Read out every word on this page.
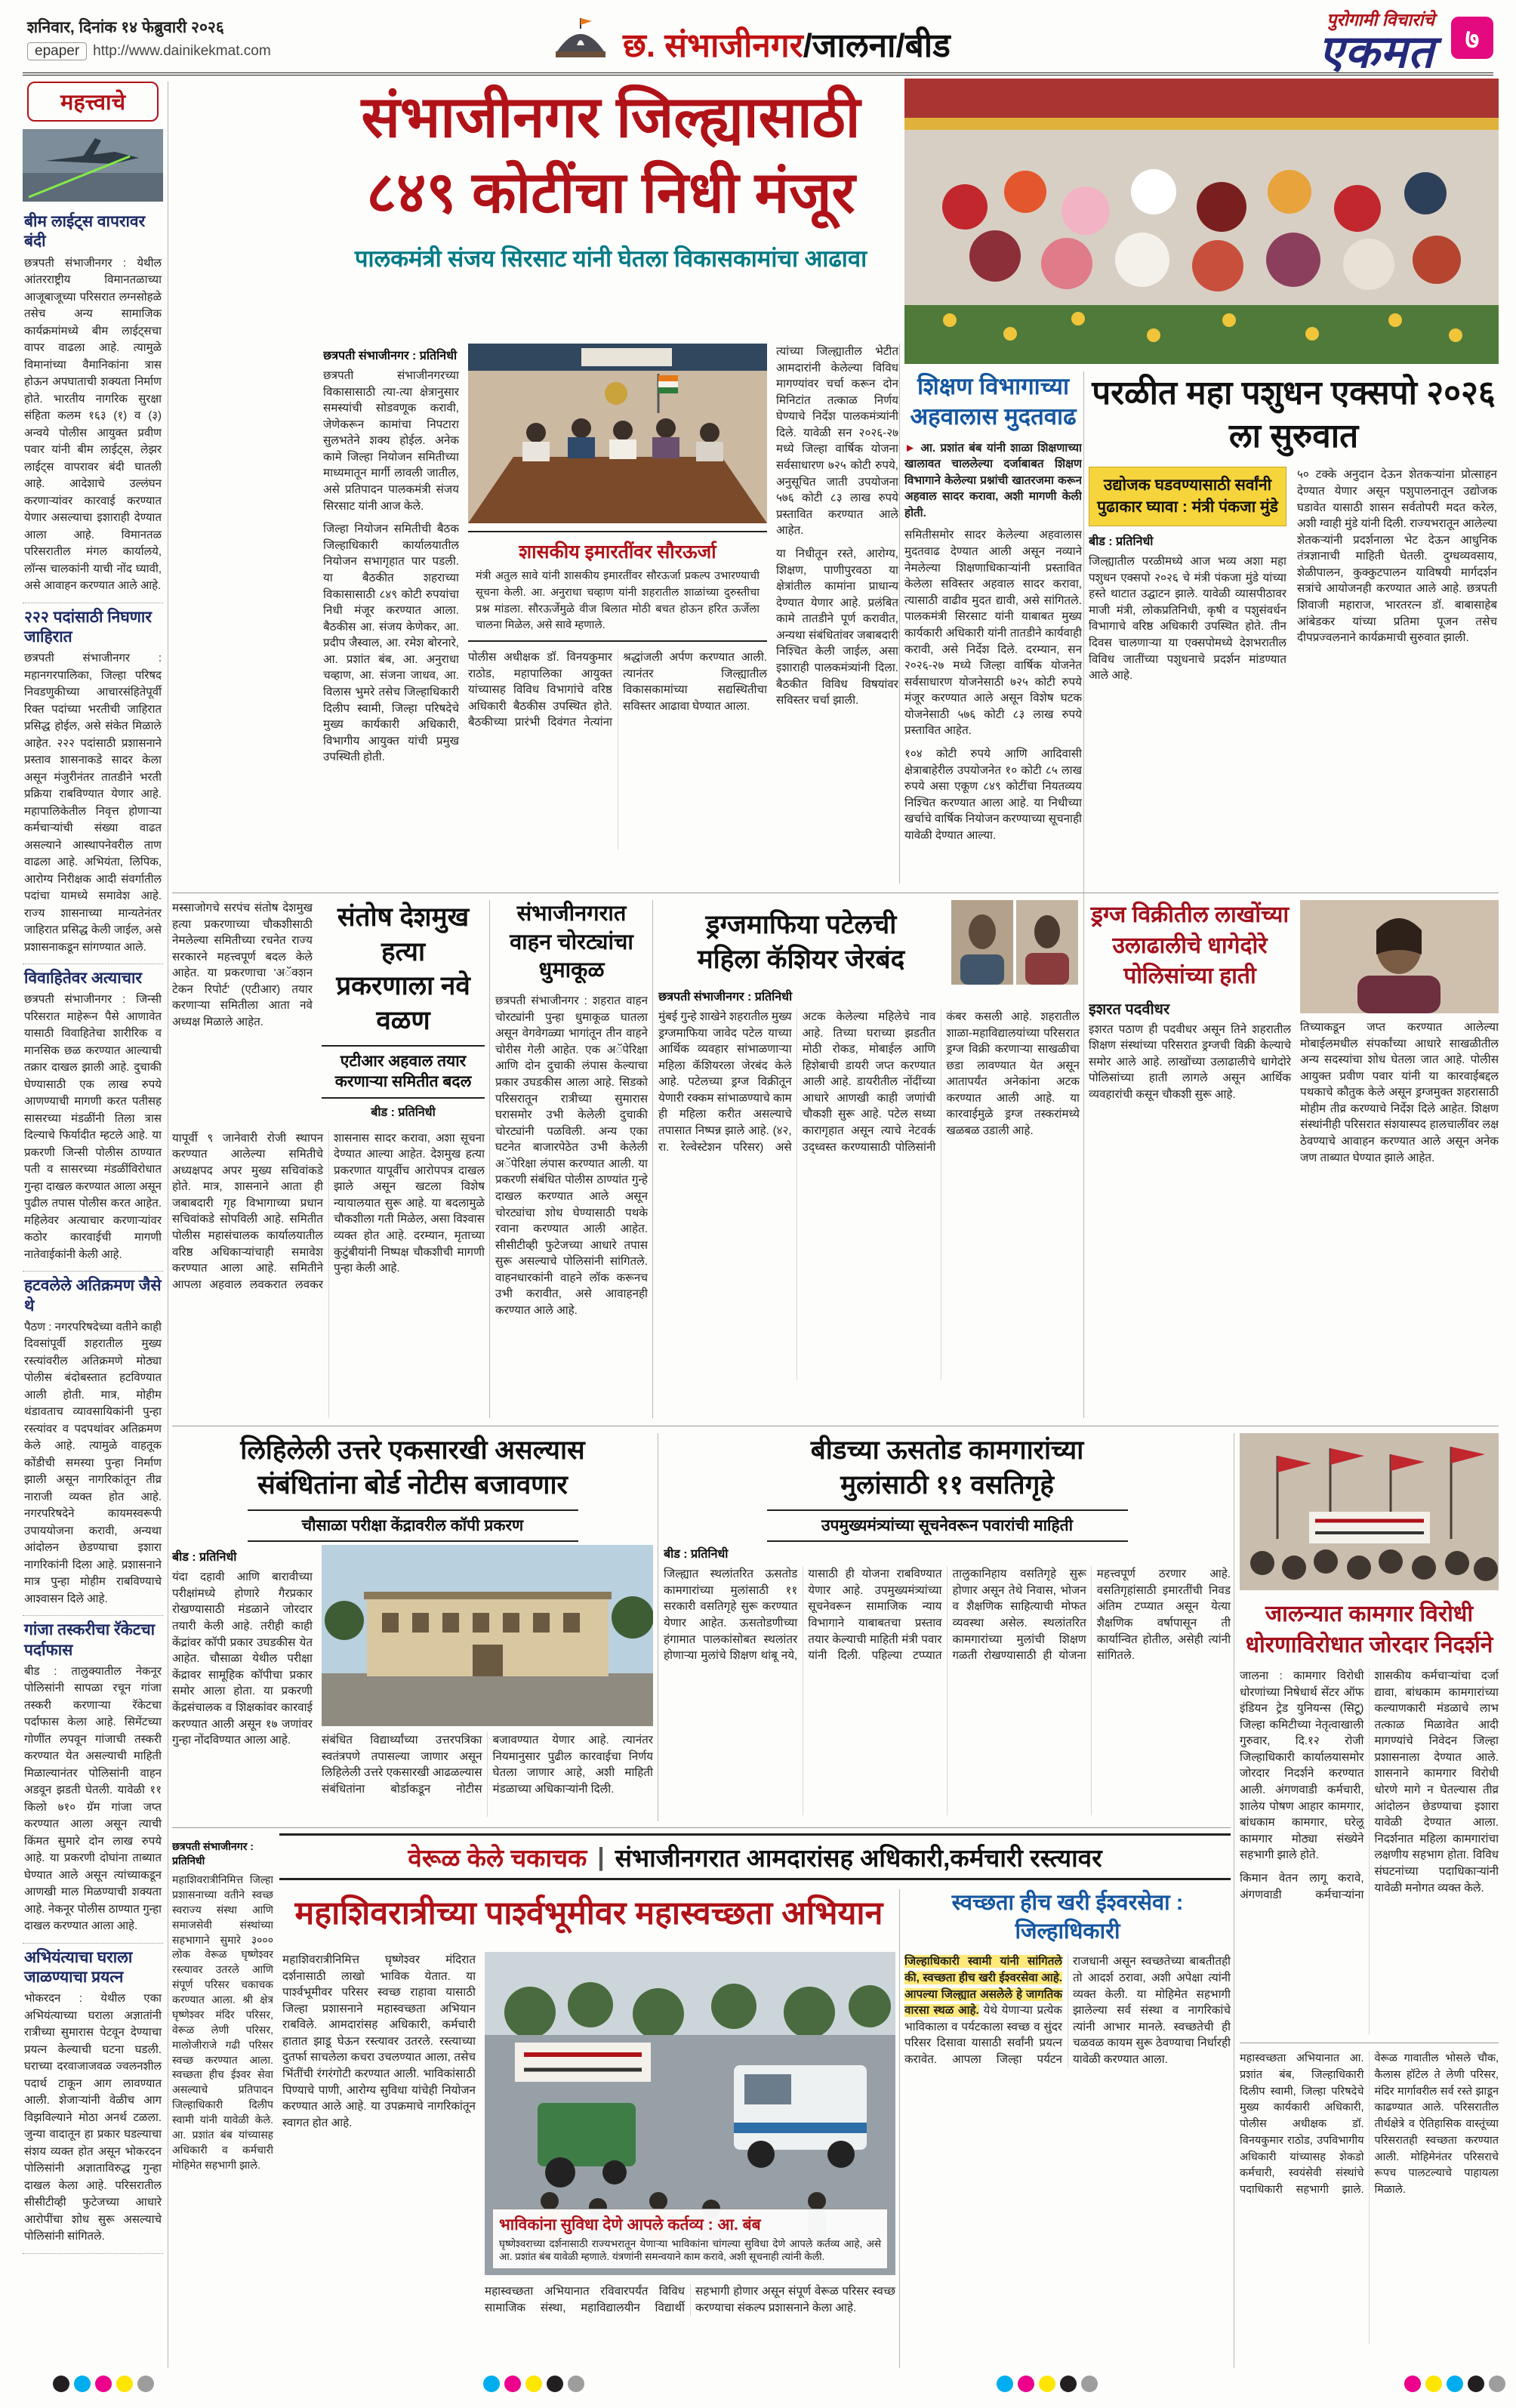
शनिवार, दिनांक १४ फेब्रुवारी २०२६
epaper http://www.dainikekmat.com	छ. संभाजीनगर/जालना/बीड
पुरोगामी विचारांचे
एकमत	७
महत्त्वाचे
बीम लाईट्स वापरावर बंदी
छत्रपती संभाजीनगर : येथील आंतरराष्ट्रीय विमानतळाच्या आजूबाजूच्या परिसरात लग्नसोहळे तसेच अन्य सामाजिक कार्यक्रमांमध्ये बीम लाईट्सचा वापर वाढला आहे. त्यामुळे विमानांच्या वैमानिकांना त्रास होऊन अपघाताची शक्यता निर्माण होते. भारतीय नागरिक सुरक्षा संहिता कलम १६३ (१) व (३) अन्वये पोलीस आयुक्त प्रवीण पवार यांनी बीम लाईट्स, लेझर लाईट्स वापरावर बंदी घातली आहे. आदेशाचे उल्लंघन करणाऱ्यांवर कारवाई करण्यात येणार असल्याचा इशाराही देण्यात आला आहे. विमानतळ परिसरातील मंगल कार्यालये, लॉन्स चालकांनी याची नोंद घ्यावी, असे आवाहन करण्यात आले आहे.
२२२ पदांसाठी निघणार जाहिरात
छत्रपती संभाजीनगर : महानगरपालिका, जिल्हा परिषद निवडणुकीच्या आचारसंहितेपूर्वी रिक्त पदांच्या भरतीची जाहिरात प्रसिद्ध होईल, असे संकेत मिळाले आहेत. २२२ पदांसाठी प्रशासनाने प्रस्ताव शासनाकडे सादर केला असून मंजुरीनंतर तातडीने भरती प्रक्रिया राबविण्यात येणार आहे. महापालिकेतील निवृत्त होणाऱ्या कर्मचाऱ्यांची संख्या वाढत असल्याने आस्थापनेवरील ताण वाढला आहे. अभियंता, लिपिक, आरोग्य निरीक्षक आदी संवर्गातील पदांचा यामध्ये समावेश आहे. राज्य शासनाच्या मान्यतेनंतर जाहिरात प्रसिद्ध केली जाईल, असे प्रशासनाकडून सांगण्यात आले.
विवाहितेवर अत्याचार
छत्रपती संभाजीनगर : जिन्सी परिसरात माहेरून पैसे आणावेत यासाठी विवाहितेचा शारीरिक व मानसिक छळ करण्यात आल्याची तक्रार दाखल झाली आहे. दुचाकी घेण्यासाठी एक लाख रुपये आणण्याची मागणी करत पतीसह सासरच्या मंडळींनी तिला त्रास दिल्याचे फिर्यादीत म्हटले आहे. या प्रकरणी जिन्सी पोलीस ठाण्यात पती व सासरच्या मंडळींविरोधात गुन्हा दाखल करण्यात आला असून पुढील तपास पोलीस करत आहेत. महिलेवर अत्याचार करणाऱ्यांवर कठोर कारवाईची मागणी नातेवाईकांनी केली आहे.
हटवलेले अतिक्रमण जैसे थे
पैठण : नगरपरिषदेच्या वतीने काही दिवसांपूर्वी शहरातील मुख्य रस्त्यांवरील अतिक्रमणे मोठ्या पोलीस बंदोबस्तात हटविण्यात आली होती. मात्र, मोहीम थंडावताच व्यावसायिकांनी पुन्हा रस्त्यांवर व पदपथांवर अतिक्रमण केले आहे. त्यामुळे वाहतूक कोंडीची समस्या पुन्हा निर्माण झाली असून नागरिकांतून तीव्र नाराजी व्यक्त होत आहे. नगरपरिषदेने कायमस्वरूपी उपाययोजना करावी, अन्यथा आंदोलन छेडण्याचा इशारा नागरिकांनी दिला आहे. प्रशासनाने मात्र पुन्हा मोहीम राबविण्याचे आश्वासन दिले आहे.
गांजा तस्करीचा रॅकेटचा पर्दाफास
बीड : तालुक्यातील नेकनूर पोलिसांनी सापळा रचून गांजा तस्करी करणाऱ्या रॅकेटचा पर्दाफास केला आहे. सिमेंटच्या गोणींत लपवून गांजाची तस्करी करण्यात येत असल्याची माहिती मिळाल्यानंतर पोलिसांनी वाहन अडवून झडती घेतली. यावेळी ११ किलो ७१० ग्रॅम गांजा जप्त करण्यात आला असून त्याची किंमत सुमारे दोन लाख रुपये आहे. या प्रकरणी दोघांना ताब्यात घेण्यात आले असून त्यांच्याकडून आणखी माल मिळण्याची शक्यता आहे. नेकनूर पोलीस ठाण्यात गुन्हा दाखल करण्यात आला आहे.
अभियंत्याचा घराला जाळण्याचा प्रयत्न
भोकरदन : येथील एका अभियंत्याच्या घराला अज्ञातांनी रात्रीच्या सुमारास पेटवून देण्याचा प्रयत्न केल्याची घटना घडली. घराच्या दरवाजाजवळ ज्वलनशील पदार्थ टाकून आग लावण्यात आली. शेजाऱ्यांनी वेळीच आग विझविल्याने मोठा अनर्थ टळला. जुन्या वादातून हा प्रकार घडल्याचा संशय व्यक्त होत असून भोकरदन पोलिसांनी अज्ञाताविरुद्ध गुन्हा दाखल केला आहे. परिसरातील सीसीटीव्ही फुटेजच्या आधारे आरोपींचा शोध सुरू असल्याचे पोलिसांनी सांगितले.
संभाजीनगर जिल्ह्यासाठी
८४९ कोटींचा निधी मंजूर
पालकमंत्री संजय सिरसाट यांनी घेतला विकासकामांचा आढावा
छत्रपती संभाजीनगर : प्रतिनिधी

छत्रपती संभाजीनगरच्या विकासासाठी त्या-त्या क्षेत्रानुसार समस्यांची सोडवणूक करावी, जेणेकरून कामांचा निपटारा सुलभतेने शक्य होईल. अनेक कामे जिल्हा नियोजन समितीच्या माध्यमातून मार्गी लावली जातील, असे प्रतिपादन पालकमंत्री संजय सिरसाट यांनी आज केले.

जिल्हा नियोजन समितीची बैठक जिल्हाधिकारी कार्यालयातील नियोजन सभागृहात पार पडली. या बैठकीत शहराच्या विकासासाठी ८४९ कोटी रुपयांचा निधी मंजूर करण्यात आला. बैठकीस आ. संजय केणेकर, आ. प्रदीप जैस्वाल, आ. रमेश बोरनारे, आ. प्रशांत बंब, आ. अनुराधा चव्हाण, आ. संजना जाधव, आ. विलास भुमरे तसेच जिल्हाधिकारी दिलीप स्वामी, जिल्हा परिषदेचे मुख्य कार्यकारी अधिकारी, विभागीय आयुक्त यांची प्रमुख उपस्थिती होती.

शासकीय इमारतींवर सौरऊर्जा
मंत्री अतुल सावे यांनी शासकीय इमारतींवर सौरऊर्जा प्रकल्प उभारण्याची सूचना केली. आ. अनुराधा चव्हाण यांनी शहरातील शाळांच्या दुरुस्तीचा प्रश्न मांडला. सौरऊर्जेमुळे वीज बिलात मोठी बचत होऊन हरित ऊर्जेला चालना मिळेल, असे सावे म्हणाले.
पोलीस अधीक्षक डॉ. विनयकुमार राठोड, महापालिका आयुक्त यांच्यासह विविध विभागांचे वरिष्ठ अधिकारी बैठकीस उपस्थित होते. बैठकीच्या प्रारंभी दिवंगत नेत्यांना श्रद्धांजली अर्पण करण्यात आली. त्यानंतर जिल्ह्यातील विकासकामांच्या सद्यस्थितीचा सविस्तर आढावा घेण्यात आला.

त्यांच्या जिल्ह्यातील भेटीत आमदारांनी केलेल्या विविध मागण्यांवर चर्चा करून दोन मिनिटांत तत्काळ निर्णय घेण्याचे निर्देश पालकमंत्र्यांनी दिले. यावेळी सन २०२६-२७ मध्ये जिल्हा वार्षिक योजना सर्वसाधारण ७२५ कोटी रुपये, अनुसूचित जाती उपयोजना ५७६ कोटी ८३ लाख रुपये प्रस्तावित करण्यात आले आहेत.

या निधीतून रस्ते, आरोग्य, शिक्षण, पाणीपुरवठा या क्षेत्रांतील कामांना प्राधान्य देण्यात येणार आहे. प्रलंबित कामे तातडीने पूर्ण करावीत, अन्यथा संबंधितांवर जबाबदारी निश्चित केली जाईल, असा इशाराही पालकमंत्र्यांनी दिला. बैठकीत विविध विषयांवर सविस्तर चर्चा झाली.

शिक्षण विभागाच्या अहवालास मुदतवाढ
► आ. प्रशांत बंब यांनी शाळा शिक्षणाच्या खालावत चाललेल्या दर्जाबाबत शिक्षण विभागाने केलेल्या प्रश्नांची खातरजमा करून अहवाल सादर करावा, अशी मागणी केली होती.

समितीसमोर सादर केलेल्या अहवालास मुदतवाढ देण्यात आली असून नव्याने नेमलेल्या शिक्षणाधिकाऱ्यांनी प्रस्तावित केलेला सविस्तर अहवाल सादर करावा, त्यासाठी वाढीव मुदत द्यावी, असे सांगितले. पालकमंत्री सिरसाट यांनी याबाबत मुख्य कार्यकारी अधिकारी यांनी तातडीने कार्यवाही करावी, असे निर्देश दिले. दरम्यान, सन २०२६-२७ मध्ये जिल्हा वार्षिक योजनेत सर्वसाधारण योजनेसाठी ७२५ कोटी रुपये मंजूर करण्यात आले असून विशेष घटक योजनेसाठी ५७६ कोटी ८३ लाख रुपये प्रस्तावित आहेत.

१०४ कोटी रुपये आणि आदिवासी क्षेत्राबाहेरील उपयोजनेत १० कोटी ८५ लाख रुपये असा एकूण ८४९ कोटींचा नियतव्यय निश्चित करण्यात आला आहे. या निधीच्या खर्चाचे वार्षिक नियोजन करण्याच्या सूचनाही यावेळी देण्यात आल्या.

परळीत महा पशुधन एक्सपो २०२६ ला सुरुवात
उद्योजक घडवण्यासाठी सर्वांनी पुढाकार घ्यावा : मंत्री पंकजा मुंडे
बीड : प्रतिनिधी
जिल्ह्यातील परळीमध्ये आज भव्य अशा महा पशुधन एक्सपो २०२६ चे मंत्री पंकजा मुंडे यांच्या हस्ते थाटात उद्घाटन झाले. यावेळी व्यासपीठावर माजी मंत्री, लोकप्रतिनिधी, कृषी व पशुसंवर्धन विभागाचे वरिष्ठ अधिकारी उपस्थित होते. तीन दिवस चालणाऱ्या या एक्सपोमध्ये देशभरातील विविध जातींच्या पशुधनाचे प्रदर्शन मांडण्यात आले आहे.
५० टक्के अनुदान देऊन शेतकऱ्यांना प्रोत्साहन देण्यात येणार असून पशुपालनातून उद्योजक घडावेत यासाठी शासन सर्वतोपरी मदत करेल, अशी ग्वाही मुंडे यांनी दिली. राज्यभरातून आलेल्या शेतकऱ्यांनी प्रदर्शनाला भेट देऊन आधुनिक तंत्रज्ञानाची माहिती घेतली. दुग्धव्यवसाय, शेळीपालन, कुक्कुटपालन याविषयी मार्गदर्शन सत्रांचे आयोजनही करण्यात आले आहे. छत्रपती शिवाजी महाराज, भारतरत्न डॉ. बाबासाहेब आंबेडकर यांच्या प्रतिमा पूजन तसेच दीपप्रज्वलनाने कार्यक्रमाची सुरुवात झाली.
मस्साजोगचे सरपंच संतोष देशमुख हत्या प्रकरणाच्या चौकशीसाठी नेमलेल्या समितीच्या रचनेत राज्य सरकारने महत्त्वपूर्ण बदल केले आहेत. या प्रकरणाचा 'अॅक्शन टेकन रिपोर्ट' (एटीआर) तयार करणाऱ्या समितीला आता नवे अध्यक्ष मिळाले आहेत.
संतोष देशमुख हत्या
प्रकरणाला नवे वळण
एटीआर अहवाल तयार करणाऱ्या समितीत बदल
बीड : प्रतिनिधी
यापूर्वी ९ जानेवारी रोजी स्थापन करण्यात आलेल्या समितीचे अध्यक्षपद अपर मुख्य सचिवांकडे होते. मात्र, शासनाने आता ही जबाबदारी गृह विभागाच्या प्रधान सचिवांकडे सोपविली आहे. समितीत पोलीस महासंचालक कार्यालयातील वरिष्ठ अधिकाऱ्यांचाही समावेश करण्यात आला आहे. समितीने आपला अहवाल लवकरात लवकर शासनास सादर करावा, अशा सूचना देण्यात आल्या आहेत. देशमुख हत्या प्रकरणात यापूर्वीच आरोपपत्र दाखल झाले असून खटला विशेष न्यायालयात सुरू आहे. या बदलामुळे चौकशीला गती मिळेल, असा विश्वास व्यक्त होत आहे. दरम्यान, मृताच्या कुटुंबीयांनी निष्पक्ष चौकशीची मागणी पुन्हा केली आहे.
संभाजीनगरात वाहन चोरट्यांचा धुमाकूळ
छत्रपती संभाजीनगर : शहरात वाहन चोरट्यांनी पुन्हा धुमाकूळ घातला असून वेगवेगळ्या भागांतून तीन वाहने चोरीस गेली आहेत. एक अॅपेरिक्षा आणि दोन दुचाकी लंपास केल्याचा प्रकार उघडकीस आला आहे. सिडको परिसरातून रात्रीच्या सुमारास घरासमोर उभी केलेली दुचाकी चोरट्यांनी पळविली. अन्य एका घटनेत बाजारपेठेत उभी केलेली अॅपेरिक्षा लंपास करण्यात आली. या प्रकरणी संबंधित पोलीस ठाण्यांत गुन्हे दाखल करण्यात आले असून चोरट्यांचा शोध घेण्यासाठी पथके रवाना करण्यात आली आहेत. सीसीटीव्ही फुटेजच्या आधारे तपास सुरू असल्याचे पोलिसांनी सांगितले. वाहनधारकांनी वाहने लॉक करूनच उभी करावीत, असे आवाहनही करण्यात आले आहे.
ड्रग्जमाफिया पटेलची
महिला कॅशियर जेरबंद
छत्रपती संभाजीनगर : प्रतिनिधी
मुंबई गुन्हे शाखेने शहरातील मुख्य ड्रग्जमाफिया जावेद पटेल याच्या आर्थिक व्यवहार सांभाळणाऱ्या महिला कॅशियरला जेरबंद केले आहे. पटेलच्या ड्रग्ज विक्रीतून येणारी रक्कम सांभाळण्याचे काम ही महिला करीत असल्याचे तपासात निष्पन्न झाले आहे. (४२, रा. रेल्वेस्टेशन परिसर) असे अटक केलेल्या महिलेचे नाव आहे. तिच्या घराच्या झडतीत मोठी रोकड, मोबाईल आणि हिशेबाची डायरी जप्त करण्यात आली आहे. डायरीतील नोंदींच्या आधारे आणखी काही जणांची चौकशी सुरू आहे. पटेल सध्या कारागृहात असून त्याचे नेटवर्क उद्ध्वस्त करण्यासाठी पोलिसांनी कंबर कसली आहे. शहरातील शाळा-महाविद्यालयांच्या परिसरात ड्रग्ज विक्री करणाऱ्या साखळीचा छडा लावण्यात येत असून आतापर्यंत अनेकांना अटक करण्यात आली आहे. या कारवाईमुळे ड्रग्ज तस्करांमध्ये खळबळ उडाली आहे.
ड्रग्ज विक्रीतील लाखोंच्या उलाढालीचे धागेदोरे पोलिसांच्या हाती
इशरत पदवीधर
इशरत पठाण ही पदवीधर असून तिने शहरातील शिक्षण संस्थांच्या परिसरात ड्रग्जची विक्री केल्याचे समोर आले आहे. लाखोंच्या उलाढालीचे धागेदोरे पोलिसांच्या हाती लागले असून आर्थिक व्यवहारांची कसून चौकशी सुरू आहे.
तिच्याकडून जप्त करण्यात आलेल्या मोबाईलमधील संपर्कांच्या आधारे साखळीतील अन्य सदस्यांचा शोध घेतला जात आहे. पोलीस आयुक्त प्रवीण पवार यांनी या कारवाईबद्दल पथकाचे कौतुक केले असून ड्रग्जमुक्त शहरासाठी मोहीम तीव्र करण्याचे निर्देश दिले आहेत. शिक्षण संस्थांनीही परिसरात संशयास्पद हालचालींवर लक्ष ठेवण्याचे आवाहन करण्यात आले असून अनेक जण ताब्यात घेण्यात झाले आहेत.
लिहिलेली उत्तरे एकसारखी असल्यास
संबंधितांना बोर्ड नोटीस बजावणार
चौसाळा परीक्षा केंद्रावरील कॉपी प्रकरण
बीड : प्रतिनिधी
यंदा दहावी आणि बारावीच्या परीक्षांमध्ये होणारे गैरप्रकार रोखण्यासाठी मंडळाने जोरदार तयारी केली आहे. तरीही काही केंद्रांवर कॉपी प्रकार उघडकीस येत आहेत. चौसाळा येथील परीक्षा केंद्रावर सामूहिक कॉपीचा प्रकार समोर आला होता. या प्रकरणी केंद्रसंचालक व शिक्षकांवर कारवाई करण्यात आली असून १७ जणांवर गुन्हा नोंदविण्यात आला आहे.	संबंधित विद्यार्थ्यांच्या उत्तरपत्रिका स्वतंत्रपणे तपासल्या जाणार असून लिहिलेली उत्तरे एकसारखी आढळल्यास संबंधितांना बोर्डाकडून नोटीस बजावण्यात येणार आहे. त्यानंतर नियमानुसार पुढील कारवाईचा निर्णय घेतला जाणार आहे, अशी माहिती मंडळाच्या अधिकाऱ्यांनी दिली.
बीडच्या ऊसतोड कामगारांच्या
मुलांसाठी ११ वसतिगृहे
उपमुख्यमंत्र्यांच्या सूचनेवरून पवारांची माहिती
बीड : प्रतिनिधी
जिल्ह्यात स्थलांतरित ऊसतोड कामगारांच्या मुलांसाठी ११ सरकारी वसतिगृहे सुरू करण्यात येणार आहेत. ऊसतोडणीच्या हंगामात पालकांसोबत स्थलांतर होणाऱ्या मुलांचे शिक्षण थांबू नये, यासाठी ही योजना राबविण्यात येणार आहे. उपमुख्यमंत्र्यांच्या सूचनेवरून सामाजिक न्याय विभागाने याबाबतचा प्रस्ताव तयार केल्याची माहिती मंत्री पवार यांनी दिली. पहिल्या टप्प्यात तालुकानिहाय वसतिगृहे सुरू होणार असून तेथे निवास, भोजन व शैक्षणिक साहित्याची मोफत व्यवस्था असेल. स्थलांतरित कामगारांच्या मुलांची शिक्षण गळती रोखण्यासाठी ही योजना महत्त्वपूर्ण ठरणार आहे. वसतिगृहांसाठी इमारतींची निवड अंतिम टप्प्यात असून येत्या शैक्षणिक वर्षापासून ती कार्यान्वित होतील, असेही त्यांनी सांगितले.
जालन्यात कामगार विरोधी धोरणाविरोधात जोरदार निदर्शने

जालना : कामगार विरोधी धोरणांच्या निषेधार्थ सेंटर ऑफ इंडियन ट्रेड युनियन्स (सिटू) जिल्हा कमिटीच्या नेतृत्वाखाली गुरुवार, दि.१२ रोजी जिल्हाधिकारी कार्यालयासमोर जोरदार निदर्शने करण्यात आली. अंगणवाडी कर्मचारी, शालेय पोषण आहार कामगार, बांधकाम कामगार, घरेलू कामगार मोठ्या संख्येने सहभागी झाले होते.

किमान वेतन लागू करावे, अंगणवाडी कर्मचाऱ्यांना शासकीय कर्मचाऱ्यांचा दर्जा द्यावा, बांधकाम कामगारांच्या कल्याणकारी मंडळाचे लाभ तत्काळ मिळावेत आदी मागण्यांचे निवेदन जिल्हा प्रशासनाला देण्यात आले. शासनाने कामगार विरोधी धोरणे मागे न घेतल्यास तीव्र आंदोलन छेडण्याचा इशारा यावेळी देण्यात आला. निदर्शनात महिला कामगारांचा लक्षणीय सहभाग होता. विविध संघटनांच्या पदाधिकाऱ्यांनी यावेळी मनोगत व्यक्त केले.

महास्वच्छता अभियानात आ. प्रशांत बंब, जिल्हाधिकारी दिलीप स्वामी, जिल्हा परिषदेचे मुख्य कार्यकारी अधिकारी, पोलीस अधीक्षक डॉ. विनयकुमार राठोड, उपविभागीय अधिकारी यांच्यासह शेकडो कर्मचारी, स्वयंसेवी संस्थांचे पदाधिकारी सहभागी झाले. वेरूळ गावातील भोसले चौक, कैलास हॉटेल ते लेणी परिसर, मंदिर मार्गावरील सर्व रस्ते झाडून काढण्यात आले. परिसरातील तीर्थक्षेत्रे व ऐतिहासिक वास्तूंच्या परिसरातही स्वच्छता करण्यात आली. मोहिमेनंतर परिसराचे रूपच पालटल्याचे पाहायला मिळाले.
वेरूळ केले चकाचक | संभाजीनगरात आमदारांसह अधिकारी,कर्मचारी रस्त्यावर
छत्रपती संभाजीनगर : प्रतिनिधी
महाशिवरात्रीनिमित्त जिल्हा प्रशासनाच्या वतीने स्वच्छ स्वराज्य संस्था आणि समाजसेवी संस्थांच्या सहभागाने सुमारे ३००० लोक वेरूळ घृष्णेश्वर रस्त्यावर उतरले आणि संपूर्ण परिसर चकाचक करण्यात आला. श्री क्षेत्र घृष्णेश्वर मंदिर परिसर, वेरूळ लेणी परिसर, मालोजीराजे गढी परिसर स्वच्छ करण्यात आला. स्वच्छता हीच ईश्वर सेवा असल्याचे प्रतिपादन जिल्हाधिकारी दिलीप स्वामी यांनी यावेळी केले. आ. प्रशांत बंब यांच्यासह अधिकारी व कर्मचारी मोहिमेत सहभागी झाले.
महाशिवरात्रीच्या पार्श्वभूमीवर महास्वच्छता अभियान
महाशिवरात्रीनिमित्त घृष्णेश्वर मंदिरात दर्शनासाठी लाखो भाविक येतात. या पार्श्वभूमीवर परिसर स्वच्छ राहावा यासाठी जिल्हा प्रशासनाने महास्वच्छता अभियान राबविले. आमदारांसह अधिकारी, कर्मचारी हातात झाडू घेऊन रस्त्यावर उतरले. रस्त्याच्या दुतर्फा साचलेला कचरा उचलण्यात आला, तसेच भिंतींची रंगरंगोटी करण्यात आली. भाविकांसाठी पिण्याचे पाणी, आरोग्य सुविधा यांचेही नियोजन करण्यात आले आहे. या उपक्रमाचे नागरिकांतून स्वागत होत आहे.
भाविकांना सुविधा देणे आपले कर्तव्य : आ. बंब
घृष्णेश्वराच्या दर्शनासाठी राज्यभरातून येणाऱ्या भाविकांना चांगल्या सुविधा देणे आपले कर्तव्य आहे, असे आ. प्रशांत बंब यावेळी म्हणाले. यंत्रणांनी समन्वयाने काम करावे, अशी सूचनाही त्यांनी केली.
महास्वच्छता अभियानात रविवारपर्यंत विविध सामाजिक संस्था, महाविद्यालयीन विद्यार्थी सहभागी होणार असून संपूर्ण वेरूळ परिसर स्वच्छ करण्याचा संकल्प प्रशासनाने केला आहे.
स्वच्छता हीच खरी ईश्वरसेवा : जिल्हाधिकारी
जिल्हाधिकारी स्वामी यांनी सांगितले की, स्वच्छता हीच खरी ईश्वरसेवा आहे. आपल्या जिल्ह्यात असलेले हे जागतिक वारसा स्थळ आहे. येथे येणाऱ्या प्रत्येक भाविकाला व पर्यटकाला स्वच्छ व सुंदर परिसर दिसावा यासाठी सर्वांनी प्रयत्न करावेत. आपला जिल्हा पर्यटन राजधानी असून स्वच्छतेच्या बाबतीतही तो आदर्श ठरावा, अशी अपेक्षा त्यांनी व्यक्त केली. या मोहिमेत सहभागी झालेल्या सर्व संस्था व नागरिकांचे त्यांनी आभार मानले. स्वच्छतेची ही चळवळ कायम सुरू ठेवण्याचा निर्धारही यावेळी करण्यात आला.
